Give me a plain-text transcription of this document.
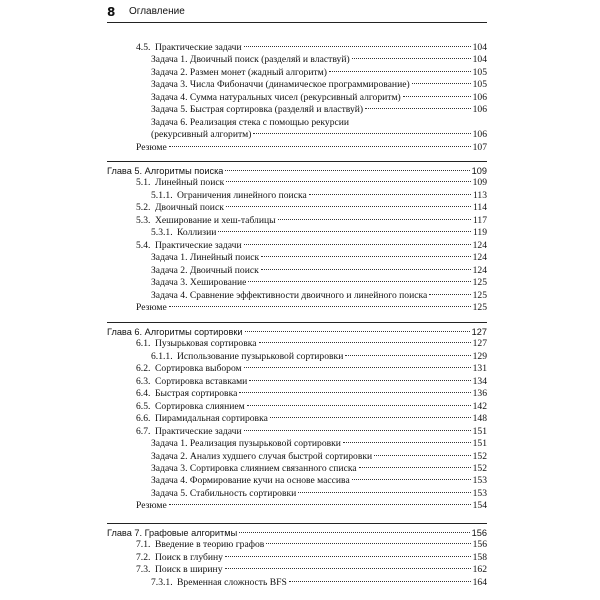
8 Оглавление
4.5. Практические задачи	104
Задача 1. Двоичный поиск (разделяй и властвуй)	104
Задача 2. Размен монет (жадный алгоритм)	105
Задача 3. Числа Фибоначчи (динамическое программирование)	105
Задача 4. Сумма натуральных чисел (рекурсивный алгоритм)	106
Задача 5. Быстрая сортировка (разделяй и властвуй)	106
Задача 6. Реализация стека с помощью рекурсии
(рекурсивный алгоритм)	106
Резюме	107
Глава 5. Алгоритмы поиска	109
5.1. Линейный поиск	109
5.1.1. Ограничения линейного поиска	113
5.2. Двоичный поиск	114
5.3. Хеширование и хеш-таблицы	117
5.3.1. Коллизии	119
5.4. Практические задачи	124
Задача 1. Линейный поиск	124
Задача 2. Двоичный поиск	124
Задача 3. Хеширование	125
Задача 4. Сравнение эффективности двоичного и линейного поиска	125
Резюме	125
Глава 6. Алгоритмы сортировки	127
6.1. Пузырьковая сортировка	127
6.1.1. Использование пузырьковой сортировки	129
6.2. Сортировка выбором	131
6.3. Сортировка вставками	134
6.4. Быстрая сортировка	136
6.5. Сортировка слиянием	142
6.6. Пирамидальная сортировка	148
6.7. Практические задачи	151
Задача 1. Реализация пузырьковой сортировки	151
Задача 2. Анализ худшего случая быстрой сортировки	152
Задача 3. Сортировка слиянием связанного списка	152
Задача 4. Формирование кучи на основе массива	153
Задача 5. Стабильность сортировки	153
Резюме	154
Глава 7. Графовые алгоритмы	156
7.1. Введение в теорию графов	156
7.2. Поиск в глубину	158
7.3. Поиск в ширину	162
7.3.1. Временная сложность BFS	164
